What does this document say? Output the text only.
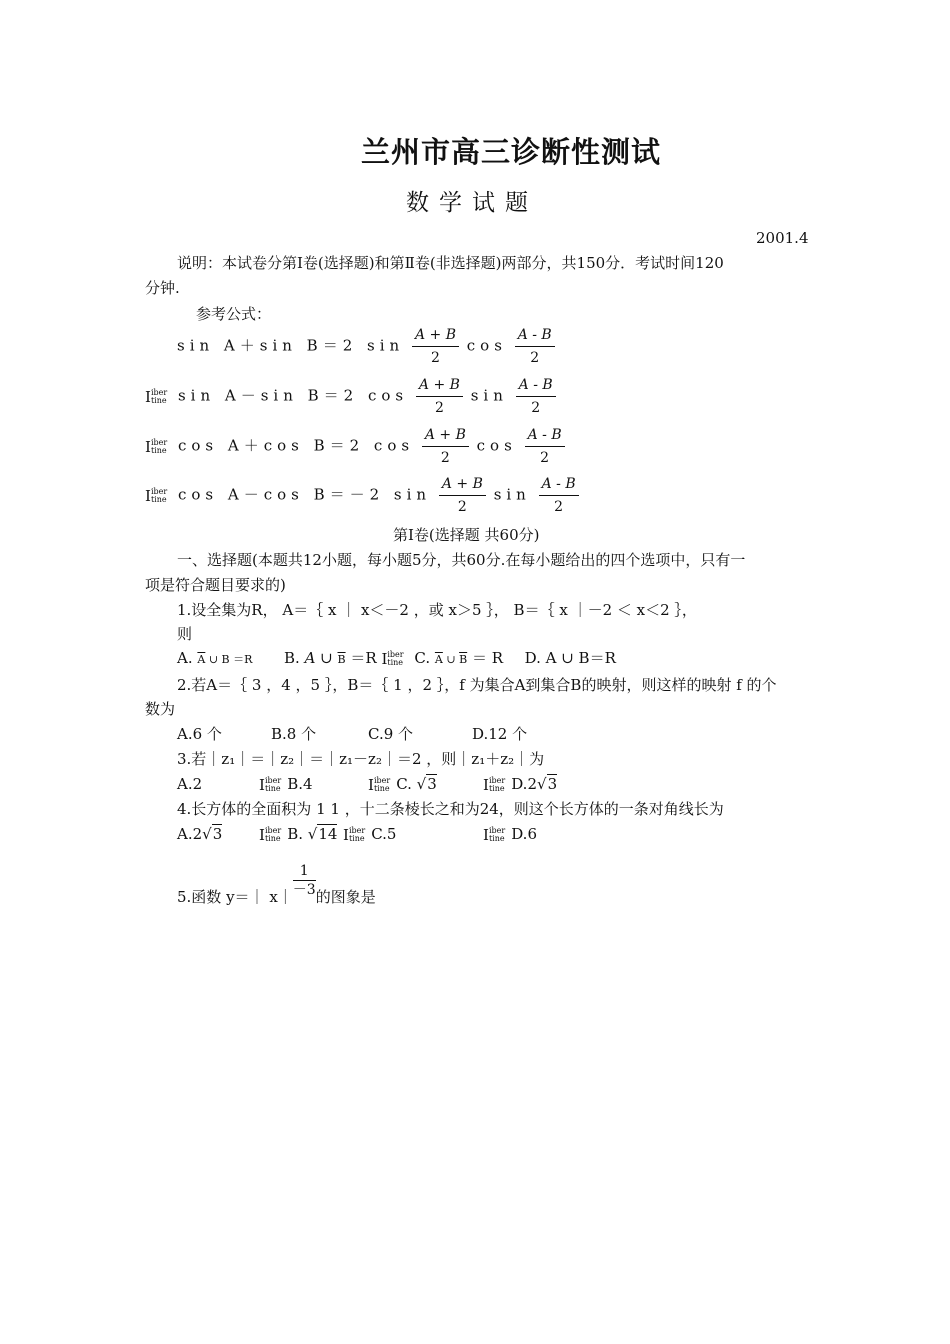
兰州市高三诊断性测试
数学试题
2001.4
说明：本试卷分第Ⅰ卷(选择题)和第Ⅱ卷(非选择题)两部分，共150分．考试时间120
分钟.
参考公式：
sin A＋sin B＝2 $\sin \frac{A + B}{2}$ $\cos \frac{A - B}{2}$
Iiber
tine sin A－sin B＝2 $\cos \frac{A + B}{2}$ $\sin \frac{A - B}{2}$
Iiber
tine cos A＋cos B＝2 $\cos \frac{A + B}{2}$ $\cos \frac{A - B}{2}$
Iiber
tine cos A－cos B＝－2 $\sin \frac{A + B}{2}$ $\sin \frac{A - B}{2}$
第Ⅰ卷(选择题 共60分)
一、选择题(本题共12小题，每小题5分，共60分.在每小题给出的四个选项中，只有一
项是符合题目要求的)
1.设全集为R， A＝｛ x ｜ x＜－2 ，或 x＞5 ｝， B＝｛ x ｜－2 ＜ x＜2 ｝，
则
A. $\overline{A}$ ∪ B ＝R B. A ∪ $\overline{B} =R$ Iiber
tine C. $\overline{A}$ ∪ $\overline{B} = R$ D. A ∪ B＝R
2.若A＝｛ 3 ，4 ，5 ｝，B＝｛ 1 ，2 ｝，f 为集合A到集合B的映射，则这样的映射 f 的个
数为
A.6 个	B.8 个	C.9 个	D.12 个
3.若｜z₁｜＝｜z₂｜＝｜z₁－z₂｜＝2 ，则｜z₁＋z₂｜为
A.2	Iiber
tine B.4	Iiber
tine C. √3	Iiber
tine D.2√3
4.长方体的全面积为 1 1 ，十二条棱长之和为24，则这个长方体的一条对角线长为
A.2√3 Iiber
tine B. √14 Iiber
tine C.5	Iiber
tine D.6
5.函数 y＝｜ x｜ $\frac{1}{-3}$ 的图象是
